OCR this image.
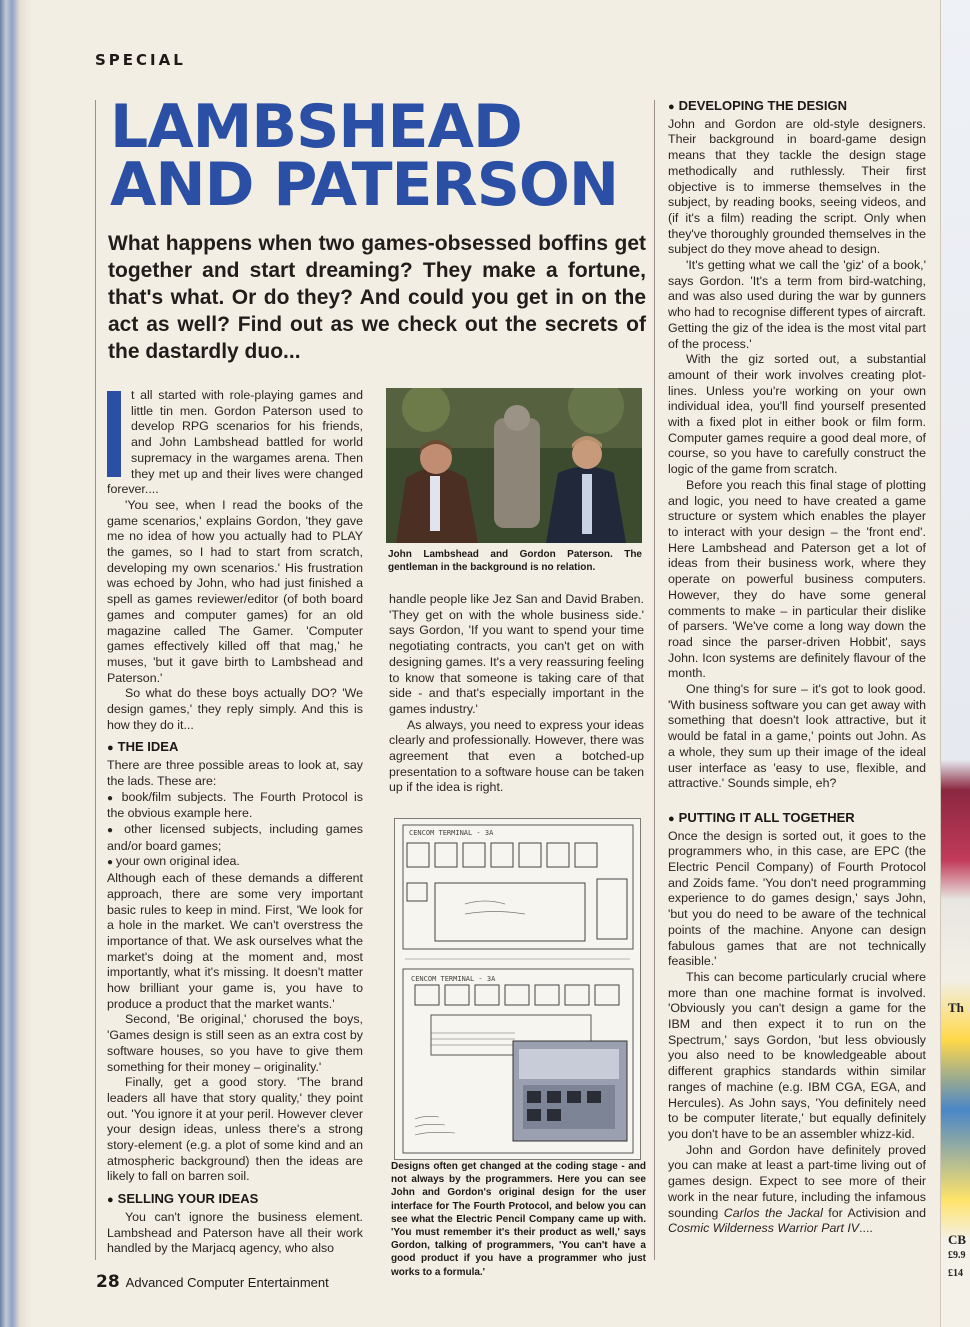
Th
CB
£9.9
£14
SPECIAL
LAMBSHEAD
AND PATERSON
What happens when two games-obsessed boffins get together and start dreaming? They make a fortune, that's what. Or do they? And could you get in on the act as well? Find out as we check out the secrets of the dastardly duo...

t all started with role-playing games and little tin men. Gordon Paterson used to develop RPG scenarios for his friends, and John Lambshead battled for world supremacy in the wargames arena. Then they met up and their lives were changed forever....

'You see, when I read the books of the game scenarios,' explains Gordon, 'they gave me no idea of how you actually had to PLAY the games, so I had to start from scratch, developing my own scenarios.' His frustration was echoed by John, who had just finished a spell as games reviewer/editor (of both board games and computer games) for an old magazine called The Gamer. 'Computer games effectively killed off that mag,' he muses, 'but it gave birth to Lambshead and Paterson.'

So what do these boys actually DO? 'We design games,' they reply simply. And this is how they do it...

● THE IDEA

There are three possible areas to look at, say the lads. These are:

● book/film subjects. The Fourth Protocol is the obvious example here.
● other licensed subjects, including games and/or board games;
● your own original idea.

Although each of these demands a different approach, there are some very important basic rules to keep in mind. First, 'We look for a hole in the market. We can't overstress the importance of that. We ask ourselves what the market's doing at the moment and, most importantly, what it's missing. It doesn't matter how brilliant your game is, you have to produce a product that the market wants.'

Second, 'Be original,' chorused the boys, 'Games design is still seen as an extra cost by software houses, so you have to give them something for their money – originality.'

Finally, get a good story. 'The brand leaders all have that story quality,' they point out. 'You ignore it at your peril. However clever your design ideas, unless there's a strong story-element (e.g. a plot of some kind and an atmospheric background) then the ideas are likely to fall on barren soil.

● SELLING YOUR IDEAS

You can't ignore the business element. Lambshead and Paterson have all their work handled by the Marjacq agency, who also

John Lambshead and Gordon Paterson. The gentleman in the background is no relation.

handle people like Jez San and David Braben. 'They get on with the whole business side.' says Gordon, 'If you want to spend your time negotiating contracts, you can't get on with designing games. It's a very reassuring feeling to know that someone is taking care of that side - and that's especially important in the games industry.'

As always, you need to express your ideas clearly and professionally. However, there was agreement that even a botched-up presentation to a software house can be taken up if the idea is right.

CENCOM TERMINAL - 3A
CENCOM TERMINAL - 3A
Designs often get changed at the coding stage - and not always by the programmers. Here you can see John and Gordon's original design for the user interface for The Fourth Protocol, and below you can see what the Electric Pencil Company came up with. 'You must remember it's their product as well,' says Gordon, talking of programmers, 'You can't have a good product if you have a programmer who just works to a formula.'

● DEVELOPING THE DESIGN

John and Gordon are old-style designers. Their background in board-game design means that they tackle the design stage methodically and ruthlessly. Their first objective is to immerse themselves in the subject, by reading books, seeing videos, and (if it's a film) reading the script. Only when they've thoroughly grounded themselves in the subject do they move ahead to design.

'It's getting what we call the 'giz' of a book,' says Gordon. 'It's a term from bird-watching, and was also used during the war by gunners who had to recognise different types of aircraft. Getting the giz of the idea is the most vital part of the process.'

With the giz sorted out, a substantial amount of their work involves creating plot-lines. Unless you're working on your own individual idea, you'll find yourself presented with a fixed plot in either book or film form. Computer games require a good deal more, of course, so you have to carefully construct the logic of the game from scratch.

Before you reach this final stage of plotting and logic, you need to have created a game structure or system which enables the player to interact with your design – the 'front end'. Here Lambshead and Paterson get a lot of ideas from their business work, where they operate on powerful business computers. However, they do have some general comments to make – in particular their dislike of parsers. 'We've come a long way down the road since the parser-driven Hobbit', says John. Icon systems are definitely flavour of the month.

One thing's for sure – it's got to look good. 'With business software you can get away with something that doesn't look attractive, but it would be fatal in a game,' points out John. As a whole, they sum up their image of the ideal user interface as 'easy to use, flexible, and attractive.' Sounds simple, eh?

● PUTTING IT ALL TOGETHER

Once the design is sorted out, it goes to the programmers who, in this case, are EPC (the Electric Pencil Company) of Fourth Protocol and Zoids fame. 'You don't need programming experience to do games design,' says John, 'but you do need to be aware of the technical points of the machine. Anyone can design fabulous games that are not technically feasible.'

This can become particularly crucial where more than one machine format is involved. 'Obviously you can't design a game for the IBM and then expect it to run on the Spectrum,' says Gordon, 'but less obviously you also need to be knowledgeable about different graphics standards within similar ranges of machine (e.g. IBM CGA, EGA, and Hercules). As John says, 'You definitely need to be computer literate,' but equally definitely you don't have to be an assembler whizz-kid.

John and Gordon have definitely proved you can make at least a part-time living out of games design. Expect to see more of their work in the near future, including the infamous sounding Carlos the Jackal for Activision and Cosmic Wilderness Warrior Part IV....

28 Advanced Computer Entertainment
